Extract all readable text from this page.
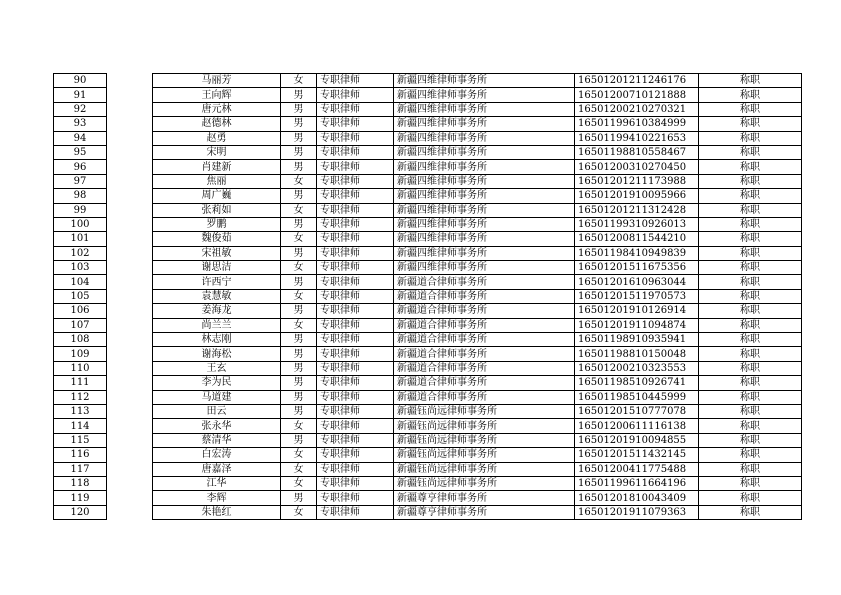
90		马丽芳	女	专职律师	新疆四维律师事务所	16501201211246176	称职
91		王向辉	男	专职律师	新疆四维律师事务所	16501200710121888	称职
92		唐元林	男	专职律师	新疆四维律师事务所	16501200210270321	称职
93		赵德林	男	专职律师	新疆四维律师事务所	16501199610384999	称职
94		赵勇	男	专职律师	新疆四维律师事务所	16501199410221653	称职
95		宋明	男	专职律师	新疆四维律师事务所	16501198810558467	称职
96		肖建新	男	专职律师	新疆四维律师事务所	16501200310270450	称职
97		焦丽	女	专职律师	新疆四维律师事务所	16501201211173988	称职
98		周广巍	男	专职律师	新疆四维律师事务所	16501201910095966	称职
99		张莉如	女	专职律师	新疆四维律师事务所	16501201211312428	称职
100		罗鹏	男	专职律师	新疆四维律师事务所	16501199310926013	称职
101		魏俊茹	女	专职律师	新疆四维律师事务所	16501200811544210	称职
102		宋祖敏	男	专职律师	新疆四维律师事务所	16501198410949839	称职
103		谢思洁	女	专职律师	新疆四维律师事务所	16501201511675356	称职
104		许西宁	男	专职律师	新疆道合律师事务所	16501201610963044	称职
105		袁慧敏	女	专职律师	新疆道合律师事务所	16501201511970573	称职
106		姜海龙	男	专职律师	新疆道合律师事务所	16501201910126914	称职
107		尚兰兰	女	专职律师	新疆道合律师事务所	16501201911094874	称职
108		林志刚	男	专职律师	新疆道合律师事务所	16501198910935941	称职
109		谢海松	男	专职律师	新疆道合律师事务所	16501198810150048	称职
110		王玄	男	专职律师	新疆道合律师事务所	16501200210323553	称职
111		李为民	男	专职律师	新疆道合律师事务所	16501198510926741	称职
112		马道建	男	专职律师	新疆道合律师事务所	16501198510445999	称职
113		田云	男	专职律师	新疆钰尚远律师事务所	16501201510777078	称职
114		张永华	女	专职律师	新疆钰尚远律师事务所	16501200611116138	称职
115		蔡清华	男	专职律师	新疆钰尚远律师事务所	16501201910094855	称职
116		白宏涛	女	专职律师	新疆钰尚远律师事务所	16501201511432145	称职
117		唐嘉泽	女	专职律师	新疆钰尚远律师事务所	16501200411775488	称职
118		江华	女	专职律师	新疆钰尚远律师事务所	16501199611664196	称职
119		李辉	男	专职律师	新疆尊亨律师事务所	16501201810043409	称职
120		朱艳红	女	专职律师	新疆尊亨律师事务所	16501201911079363	称职
